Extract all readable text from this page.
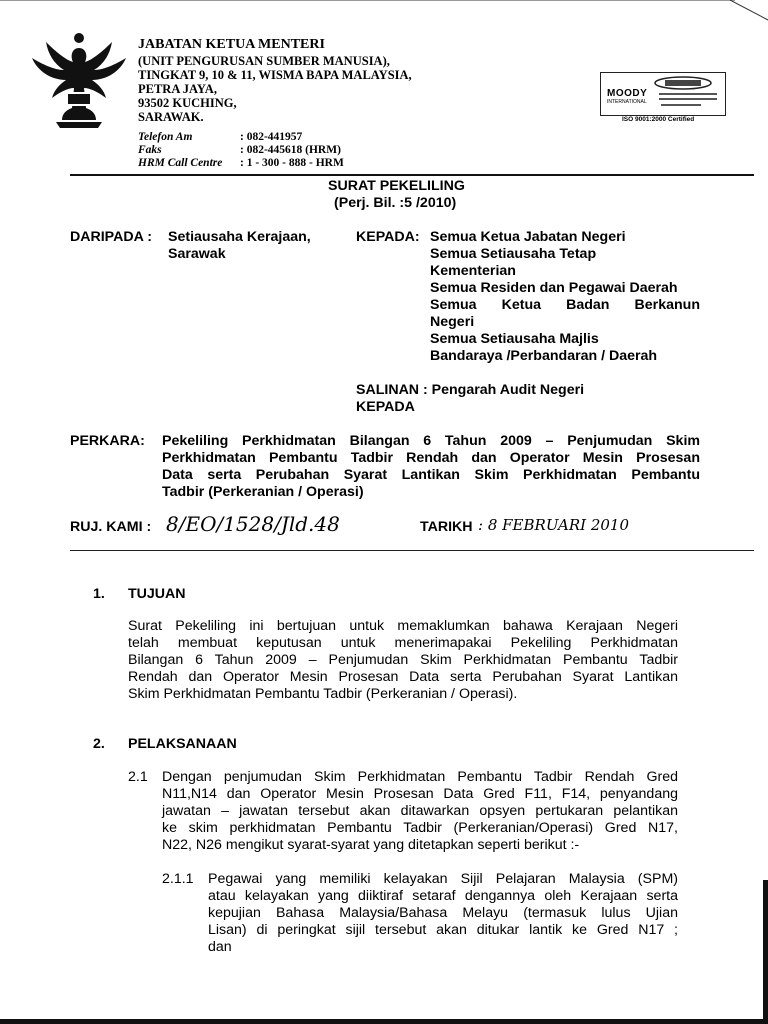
JABATAN KETUA MENTERI
(UNIT PENGURUSAN SUMBER MANUSIA),
TINGKAT 9, 10 & 11, WISMA BAPA MALAYSIA,
PETRA JAYA,
93502 KUCHING,
SARAWAK.
Telefon Am	: 082-441957
Faks	: 082-445618 (HRM)
HRM Call Centre : 1 - 300 - 888 - HRM
MOODY
INTERNATIONAL
ISO 9001:2000 Certified
SURAT PEKELILING
(Perj. Bil. :5 /2010)
DARIPADA : Setiausaha Kerajaan,
Sarawak
KEPADA: Semua Ketua Jabatan Negeri
Semua Setiausaha Tetap
Kementerian
Semua Residen dan Pegawai Daerah
Semua Ketua Badan Berkanun
Negeri
Semua Setiausaha Majlis
Bandaraya /Perbandaran / Daerah
SALINAN : Pengarah Audit Negeri
KEPADA
PERKARA: Pekeliling Perkhidmatan Bilangan 6 Tahun 2009 – Penjumudan Skim
Perkhidmatan Pembantu Tadbir Rendah dan Operator Mesin Prosesan
Data serta Perubahan Syarat Lantikan Skim Perkhidmatan Pembantu
Tadbir (Perkeranian / Operasi)
RUJ. KAMI : 8/EO/1528/Jld.48	TARIKH : 8 FEBRUARI 2010
1. TUJUAN
Surat Pekeliling ini bertujuan untuk memaklumkan bahawa Kerajaan Negeri
telah membuat keputusan untuk menerimapakai Pekeliling Perkhidmatan
Bilangan 6 Tahun 2009 – Penjumudan Skim Perkhidmatan Pembantu Tadbir
Rendah dan Operator Mesin Prosesan Data serta Perubahan Syarat Lantikan
Skim Perkhidmatan Pembantu Tadbir (Perkeranian / Operasi).
2. PELAKSANAAN
2.1 Dengan penjumudan Skim Perkhidmatan Pembantu Tadbir Rendah Gred
N11,N14 dan Operator Mesin Prosesan Data Gred F11, F14, penyandang
jawatan – jawatan tersebut akan ditawarkan opsyen pertukaran pelantikan
ke skim perkhidmatan Pembantu Tadbir (Perkeranian/Operasi) Gred N17,
N22, N26 mengikut syarat-syarat yang ditetapkan seperti berikut :-
2.1.1 Pegawai yang memiliki kelayakan Sijil Pelajaran Malaysia (SPM)
atau kelayakan yang diiktiraf setaraf dengannya oleh Kerajaan serta
kepujian Bahasa Malaysia/Bahasa Melayu (termasuk lulus Ujian
Lisan) di peringkat sijil tersebut akan ditukar lantik ke Gred N17 ;
dan
